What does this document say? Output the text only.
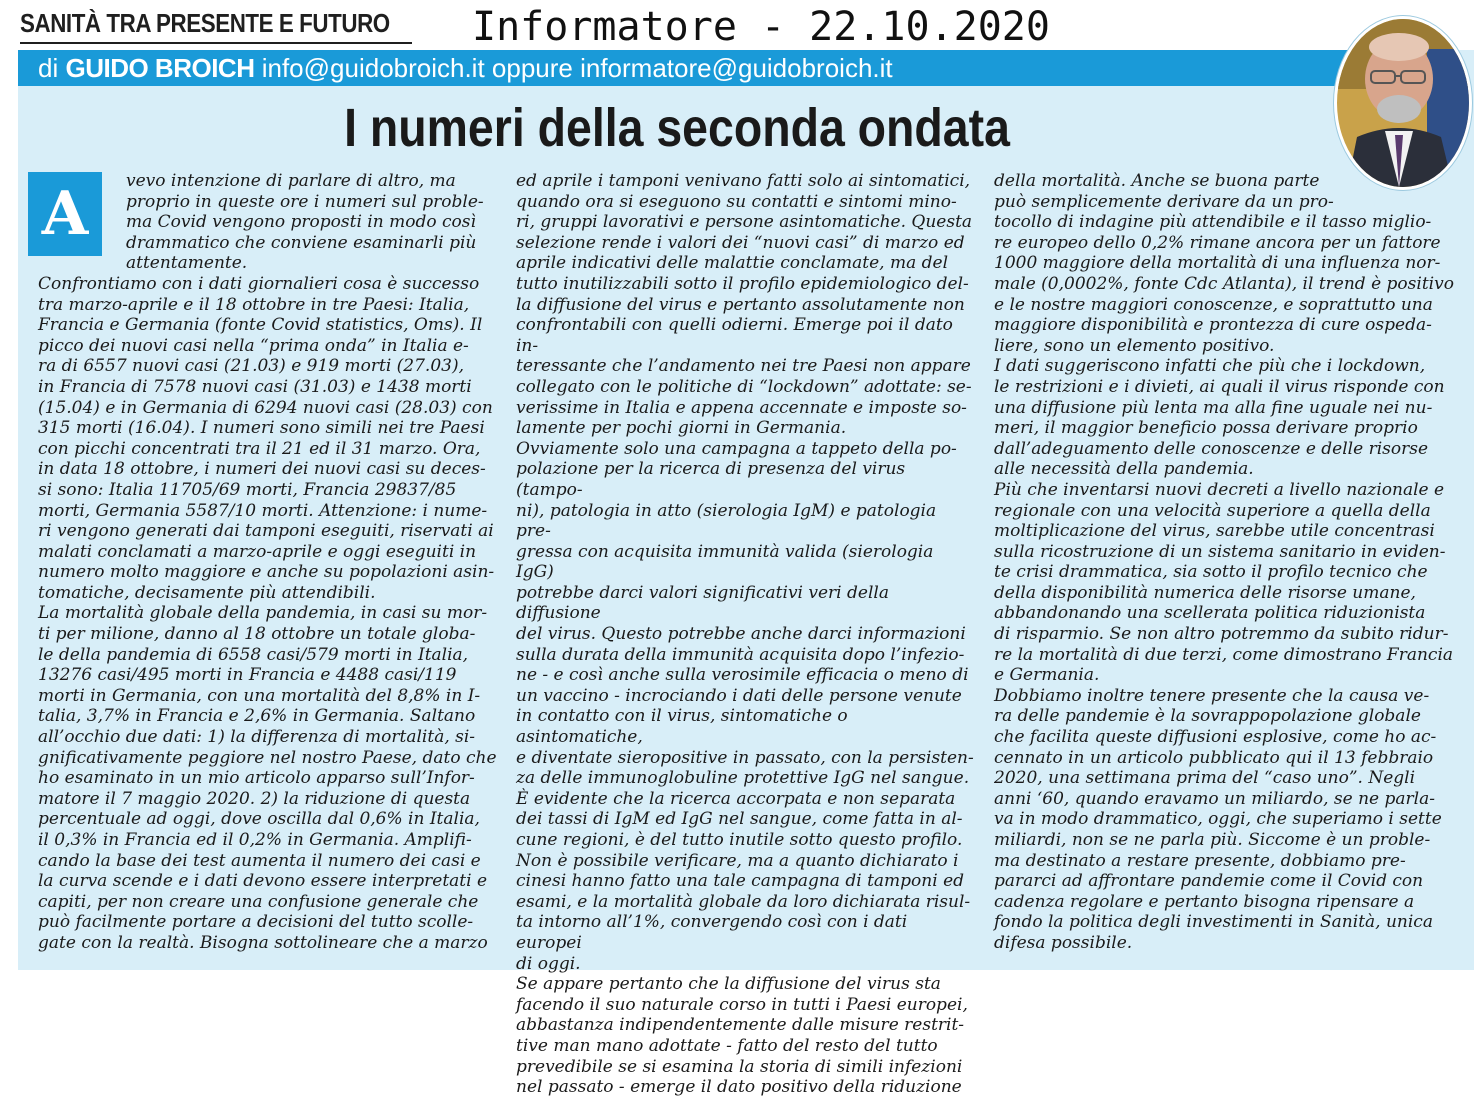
SANITÀ TRA PRESENTE E FUTURO Informatore - 22.10.2020
di GUIDO BROICH info@guidobroich.it oppure informatore@guidobroich.it
I numeri della seconda ondata
A	vevo intenzione di parlare di altro, ma
proprio in queste ore i numeri sul proble-
ma Covid vengono proposti in modo così
drammatico che conviene esaminarli più
attentamente.

Confrontiamo con i dati giornalieri cosa è successo
tra marzo-aprile e il 18 ottobre in tre Paesi: Italia,
Francia e Germania (fonte Covid statistics, Oms). Il
picco dei nuovi casi nella “prima onda” in Italia e-
ra di 6557 nuovi casi (21.03) e 919 morti (27.03),
in Francia di 7578 nuovi casi (31.03) e 1438 morti
(15.04) e in Germania di 6294 nuovi casi (28.03) con
315 morti (16.04). I numeri sono simili nei tre Paesi
con picchi concentrati tra il 21 ed il 31 marzo. Ora,
in data 18 ottobre, i numeri dei nuovi casi su deces-
si sono: Italia 11705/69 morti, Francia 29837/85
morti, Germania 5587/10 morti. Attenzione: i nume-
ri vengono generati dai tamponi eseguiti, riservati ai
malati conclamati a marzo-aprile e oggi eseguiti in
numero molto maggiore e anche su popolazioni asin-
tomatiche, decisamente più attendibili.

La mortalità globale della pandemia, in casi su mor-
ti per milione, danno al 18 ottobre un totale globa-
le della pandemia di 6558 casi/579 morti in Italia,
13276 casi/495 morti in Francia e 4488 casi/119
morti in Germania, con una mortalità del 8,8% in I-
talia, 3,7% in Francia e 2,6% in Germania. Saltano
all’occhio due dati: 1) la differenza di mortalità, si-
gnificativamente peggiore nel nostro Paese, dato che
ho esaminato in un mio articolo apparso sull’Infor-
matore il 7 maggio 2020. 2) la riduzione di questa
percentuale ad oggi, dove oscilla dal 0,6% in Italia,
il 0,3% in Francia ed il 0,2% in Germania. Amplifi-
cando la base dei test aumenta il numero dei casi e
la curva scende e i dati devono essere interpretati e
capiti, per non creare una confusione generale che
può facilmente portare a decisioni del tutto scolle-
gate con la realtà. Bisogna sottolineare che a marzo

ed aprile i tamponi venivano fatti solo ai sintomatici,
quando ora si eseguono su contatti e sintomi mino-
ri, gruppi lavorativi e persone asintomatiche. Questa
selezione rende i valori dei “nuovi casi” di marzo ed
aprile indicativi delle malattie conclamate, ma del
tutto inutilizzabili sotto il profilo epidemiologico del-
la diffusione del virus e pertanto assolutamente non
confrontabili con quelli odierni. Emerge poi il dato in-
teressante che l’andamento nei tre Paesi non appare
collegato con le politiche di “lockdown” adottate: se-
verissime in Italia e appena accennate e imposte so-
lamente per pochi giorni in Germania.

Ovviamente solo una campagna a tappeto della po-
polazione per la ricerca di presenza del virus (tampo-
ni), patologia in atto (sierologia IgM) e patologia pre-
gressa con acquisita immunità valida (sierologia IgG)
potrebbe darci valori significativi veri della diffusione
del virus. Questo potrebbe anche darci informazioni
sulla durata della immunità acquisita dopo l’infezio-
ne - e così anche sulla verosimile efficacia o meno di
un vaccino - incrociando i dati delle persone venute
in contatto con il virus, sintomatiche o asintomatiche,
e diventate sieropositive in passato, con la persisten-
za delle immunoglobuline protettive IgG nel sangue.

È evidente che la ricerca accorpata e non separata
dei tassi di IgM ed IgG nel sangue, come fatta in al-
cune regioni, è del tutto inutile sotto questo profilo.

Non è possibile verificare, ma a quanto dichiarato i
cinesi hanno fatto una tale campagna di tamponi ed
esami, e la mortalità globale da loro dichiarata risul-
ta intorno all’1%, convergendo così con i dati europei
di oggi.

Se appare pertanto che la diffusione del virus sta
facendo il suo naturale corso in tutti i Paesi europei,
abbastanza indipendentemente dalle misure restrit-
tive man mano adottate - fatto del resto del tutto
prevedibile se si esamina la storia di simili infezioni
nel passato - emerge il dato positivo della riduzione

della mortalità. Anche se buona parte
può semplicemente derivare da un pro-
tocollo di indagine più attendibile e il tasso miglio-
re europeo dello 0,2% rimane ancora per un fattore
1000 maggiore della mortalità di una influenza nor-
male (0,0002%, fonte Cdc Atlanta), il trend è positivo
e le nostre maggiori conoscenze, e soprattutto una
maggiore disponibilità e prontezza di cure ospeda-
liere, sono un elemento positivo.

I dati suggeriscono infatti che più che i lockdown,
le restrizioni e i divieti, ai quali il virus risponde con
una diffusione più lenta ma alla fine uguale nei nu-
meri, il maggior beneficio possa derivare proprio
dall’adeguamento delle conoscenze e delle risorse
alle necessità della pandemia.

Più che inventarsi nuovi decreti a livello nazionale e
regionale con una velocità superiore a quella della
moltiplicazione del virus, sarebbe utile concentrasi
sulla ricostruzione di un sistema sanitario in eviden-
te crisi drammatica, sia sotto il profilo tecnico che
della disponibilità numerica delle risorse umane,
abbandonando una scellerata politica riduzionista
di risparmio. Se non altro potremmo da subito ridur-
re la mortalità di due terzi, come dimostrano Francia
e Germania.

Dobbiamo inoltre tenere presente che la causa ve-
ra delle pandemie è la sovrappopolazione globale
che facilita queste diffusioni esplosive, come ho ac-
cennato in un articolo pubblicato qui il 13 febbraio
2020, una settimana prima del “caso uno”. Negli
anni ‘60, quando eravamo un miliardo, se ne parla-
va in modo drammatico, oggi, che superiamo i sette
miliardi, non se ne parla più. Siccome è un proble-
ma destinato a restare presente, dobbiamo pre-
pararci ad affrontare pandemie come il Covid con
cadenza regolare e pertanto bisogna ripensare a
fondo la politica degli investimenti in Sanità, unica
difesa possibile.
